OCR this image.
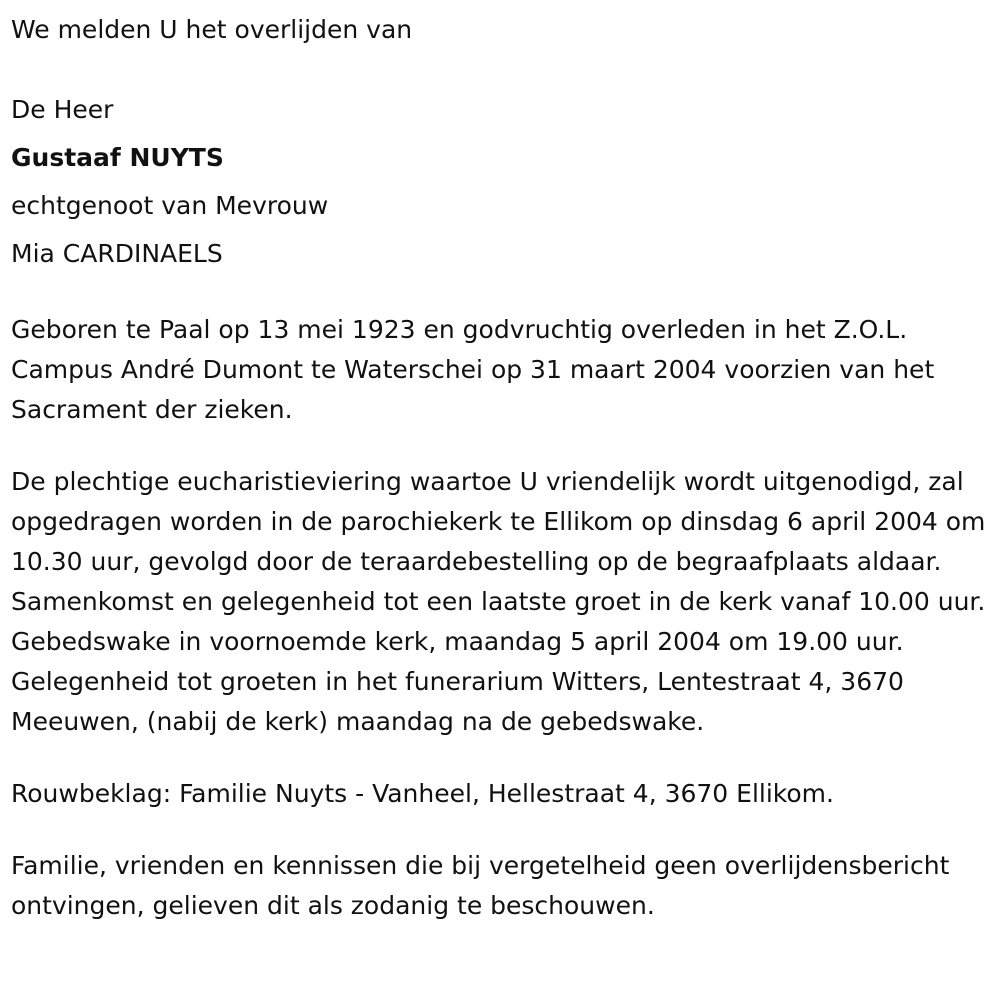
We melden U het overlijden van

De Heer

Gustaaf NUYTS

echtgenoot van Mevrouw

Mia CARDINAELS

Geboren te Paal op 13 mei 1923 en godvruchtig overleden in het Z.O.L. Campus André Dumont te Waterschei op 31 maart 2004 voorzien van het Sacrament der zieken.

De plechtige eucharistieviering waartoe U vriendelijk wordt uitgenodigd, zal opgedragen worden in de parochiekerk te Ellikom op dinsdag 6 april 2004 om 10.30 uur, gevolgd door de teraardebestelling op de begraafplaats aldaar. Samenkomst en gelegenheid tot een laatste groet in de kerk vanaf 10.00 uur. Gebedswake in voornoemde kerk, maandag 5 april 2004 om 19.00 uur. Gelegenheid tot groeten in het funerarium Witters, Lentestraat 4, 3670 Meeuwen, (nabij de kerk) maandag na de gebedswake.

Rouwbeklag: Familie Nuyts - Vanheel, Hellestraat 4, 3670 Ellikom.

Familie, vrienden en kennissen die bij vergetelheid geen overlijdensbericht ontvingen, gelieven dit als zodanig te beschouwen.
